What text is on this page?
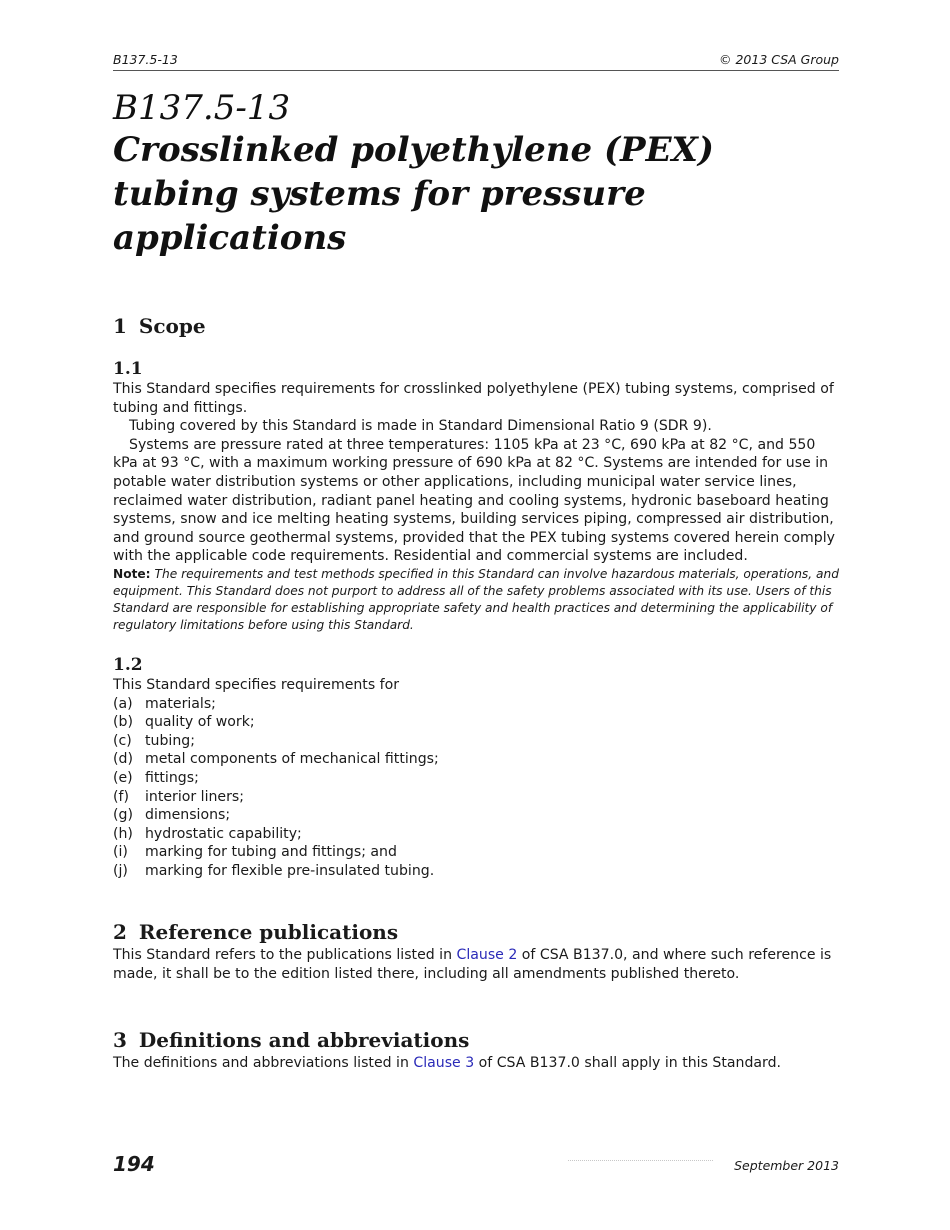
B137.5-13	© 2013 CSA Group
B137.5-13
Crosslinked polyethylene (PEX) tubing systems for pressure applications
1 Scope
1.1

This Standard specifies requirements for crosslinked polyethylene (PEX) tubing systems, comprised of tubing and fittings.

Tubing covered by this Standard is made in Standard Dimensional Ratio 9 (SDR 9).

Systems are pressure rated at three temperatures: 1105 kPa at 23 °C, 690 kPa at 82 °C, and 550 kPa at 93 °C, with a maximum working pressure of 690 kPa at 82 °C. Systems are intended for use in potable water distribution systems or other applications, including municipal water service lines, reclaimed water distribution, radiant panel heating and cooling systems, hydronic baseboard heating systems, snow and ice melting heating systems, building services piping, compressed air distribution, and ground source geothermal systems, provided that the PEX tubing systems covered herein comply with the applicable code requirements. Residential and commercial systems are included.

Note: The requirements and test methods specified in this Standard can involve hazardous materials, operations, and equipment. This Standard does not purport to address all of the safety problems associated with its use. Users of this Standard are responsible for establishing appropriate safety and health practices and determining the applicability of regulatory limitations before using this Standard.

1.2

This Standard specifies requirements for

(a) materials;
(b) quality of work;
(c) tubing;
(d) metal components of mechanical fittings;
(e) fittings;
(f) interior liners;
(g) dimensions;
(h) hydrostatic capability;
(i) marking for tubing and fittings; and
(j) marking for flexible pre-insulated tubing.
2 Reference publications

This Standard refers to the publications listed in Clause 2 of CSA B137.0, and where such reference is made, it shall be to the edition listed there, including all amendments published thereto.

3 Definitions and abbreviations

The definitions and abbreviations listed in Clause 3 of CSA B137.0 shall apply in this Standard.

194	September 2013
